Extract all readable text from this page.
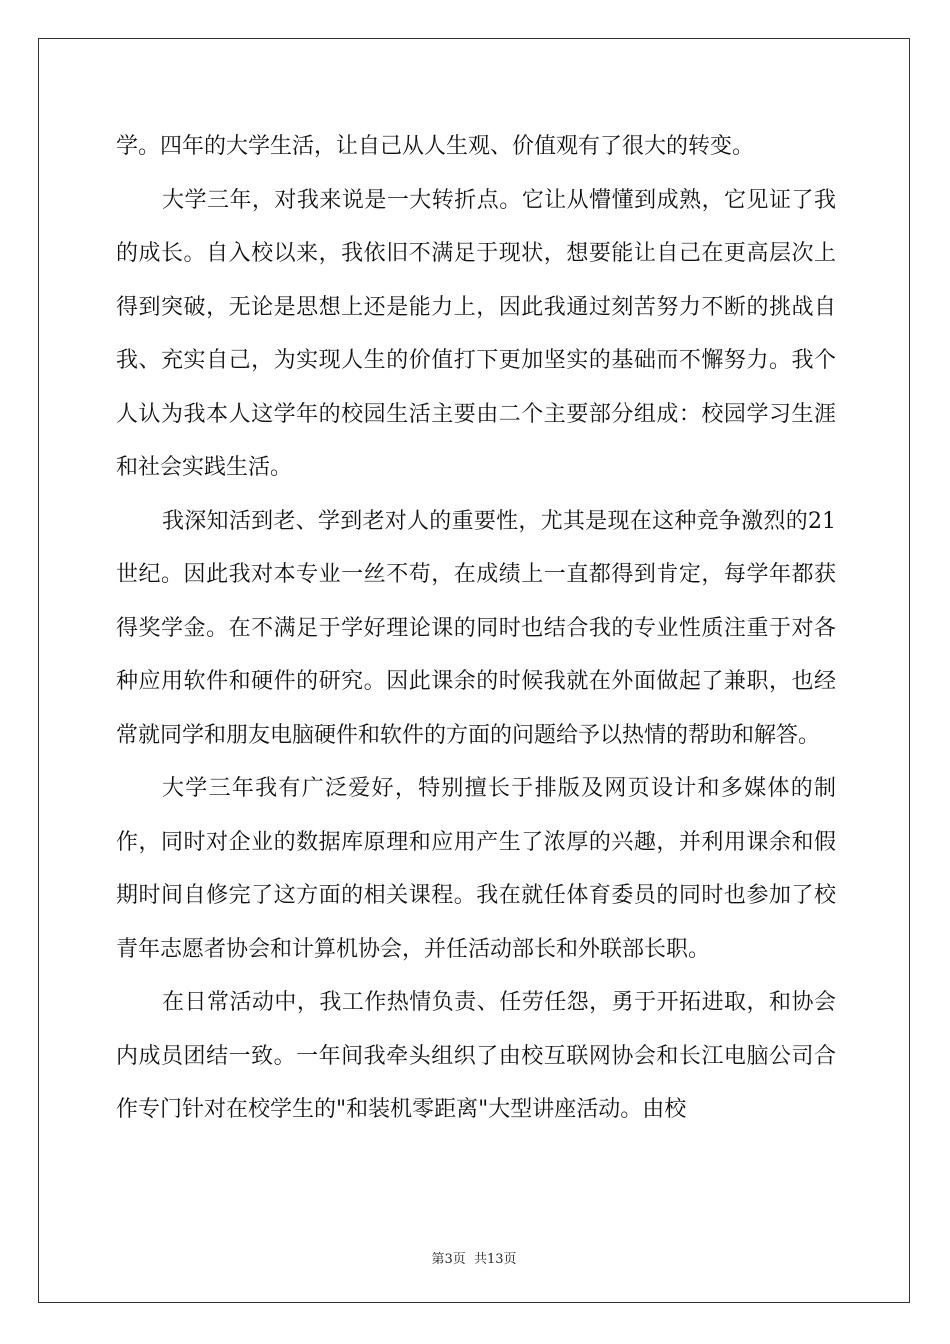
学。四年的大学生活，让自己从人生观、价值观有了很大的转变。

大学三年，对我来说是一大转折点。它让从懵懂到成熟，它见证了我的成长。自入校以来，我依旧不满足于现状，想要能让自己在更高层次上得到突破，无论是思想上还是能力上，因此我通过刻苦努力不断的挑战自我、充实自己，为实现人生的价值打下更加坚实的基础而不懈努力。我个人认为我本人这学年的校园生活主要由二个主要部分组成：校园学习生涯和社会实践生活。

我深知活到老、学到老对人的重要性，尤其是现在这种竞争激烈的21世纪。因此我对本专业一丝不苟，在成绩上一直都得到肯定，每学年都获得奖学金。在不满足于学好理论课的同时也结合我的专业性质注重于对各种应用软件和硬件的研究。因此课余的时候我就在外面做起了兼职，也经常就同学和朋友电脑硬件和软件的方面的问题给予以热情的帮助和解答。

大学三年我有广泛爱好，特别擅长于排版及网页设计和多媒体的制作，同时对企业的数据库原理和应用产生了浓厚的兴趣，并利用课余和假期时间自修完了这方面的相关课程。我在就任体育委员的同时也参加了校青年志愿者协会和计算机协会，并任活动部长和外联部长职。

在日常活动中，我工作热情负责、任劳任怨，勇于开拓进取，和协会内成员团结一致。一年间我牵头组织了由校互联网协会和长江电脑公司合作专门针对在校学生的"和装机零距离"大型讲座活动。由校

第3页  共13页
